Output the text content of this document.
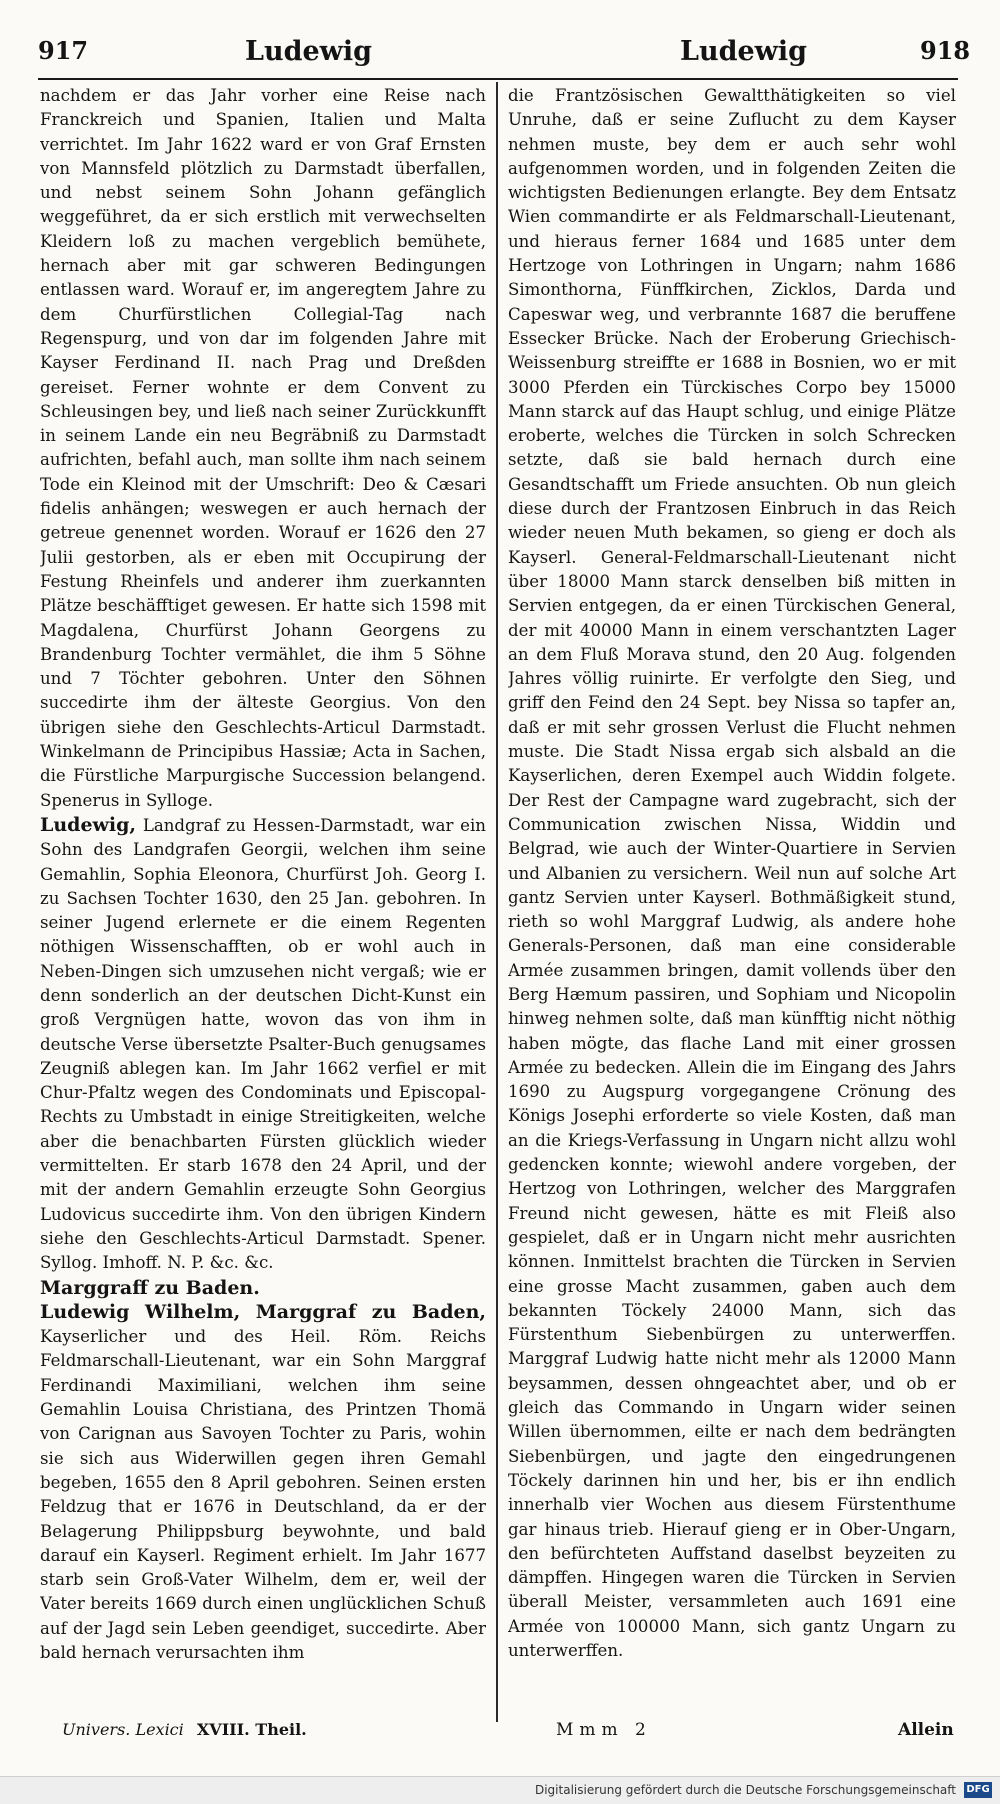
917	Ludewig	Ludewig	918

nachdem er das Jahr vorher eine Reise nach Franckreich und Spanien, Italien und Malta verrichtet. Im Jahr 1622 ward er von Graf Ernsten von Mannsfeld plötzlich zu Darmstadt überfallen, und nebst seinem Sohn Johann gefänglich weggeführet, da er sich erstlich mit verwechselten Kleidern loß zu machen vergeblich bemühete, hernach aber mit gar schweren Bedingungen entlassen ward. Worauf er, im angeregtem Jahre zu dem Churfürstlichen Collegial-Tag nach Regenspurg, und von dar im folgenden Jahre mit Kayser Ferdinand II. nach Prag und Dreßden gereiset. Ferner wohnte er dem Convent zu Schleusingen bey, und ließ nach seiner Zurückkunfft in seinem Lande ein neu Begräbniß zu Darmstadt aufrichten, befahl auch, man sollte ihm nach seinem Tode ein Kleinod mit der Umschrift: Deo & Cæsari fidelis anhängen; weswegen er auch hernach der getreue genennet worden. Worauf er 1626 den 27 Julii gestorben, als er eben mit Occupirung der Festung Rheinfels und anderer ihm zuerkannten Plätze beschäfftiget gewesen. Er hatte sich 1598 mit Magdalena, Churfürst Johann Georgens zu Brandenburg Tochter vermählet, die ihm 5 Söhne und 7 Töchter gebohren. Unter den Söhnen succedirte ihm der älteste Georgius. Von den übrigen siehe den Geschlechts-Articul Darmstadt. Winkelmann de Principibus Hassiæ; Acta in Sachen, die Fürstliche Marpurgische Succession belangend. Spenerus in Sylloge.

Ludewig, Landgraf zu Hessen-Darmstadt, war ein Sohn des Landgrafen Georgii, welchen ihm seine Gemahlin, Sophia Eleonora, Churfürst Joh. Georg I. zu Sachsen Tochter 1630, den 25 Jan. gebohren. In seiner Jugend erlernete er die einem Regenten nöthigen Wissenschafften, ob er wohl auch in Neben-Dingen sich umzusehen nicht vergaß; wie er denn sonderlich an der deutschen Dicht-Kunst ein groß Vergnügen hatte, wovon das von ihm in deutsche Verse übersetzte Psalter-Buch genugsames Zeugniß ablegen kan. Im Jahr 1662 verfiel er mit Chur-Pfaltz wegen des Condominats und Episcopal-Rechts zu Umbstadt in einige Streitigkeiten, welche aber die benachbarten Fürsten glücklich wieder vermittelten. Er starb 1678 den 24 April, und der mit der andern Gemahlin erzeugte Sohn Georgius Ludovicus succedirte ihm. Von den übrigen Kindern siehe den Geschlechts-Articul Darmstadt. Spener. Syllog. Imhoff. N. P. &c. &c.

Marggraff zu Baden.

Ludewig Wilhelm, Marggraf zu Baden, Kayserlicher und des Heil. Röm. Reichs Feldmarschall-Lieutenant, war ein Sohn Marggraf Ferdinandi Maximiliani, welchen ihm seine Gemahlin Louisa Christiana, des Printzen Thomä von Carignan aus Savoyen Tochter zu Paris, wohin sie sich aus Widerwillen gegen ihren Gemahl begeben, 1655 den 8 April gebohren. Seinen ersten Feldzug that er 1676 in Deutschland, da er der Belagerung Philippsburg beywohnte, und bald darauf ein Kayserl. Regiment erhielt. Im Jahr 1677 starb sein Groß-Vater Wilhelm, dem er, weil der Vater bereits 1669 durch einen unglücklichen Schuß auf der Jagd sein Leben geendiget, succedirte. Aber bald hernach verursachten ihm

die Frantzösischen Gewaltthätigkeiten so viel Unruhe, daß er seine Zuflucht zu dem Kayser nehmen muste, bey dem er auch sehr wohl aufgenommen worden, und in folgenden Zeiten die wichtigsten Bedienungen erlangte. Bey dem Entsatz Wien commandirte er als Feldmarschall-Lieutenant, und hieraus ferner 1684 und 1685 unter dem Hertzoge von Lothringen in Ungarn; nahm 1686 Simonthorna, Fünffkirchen, Zicklos, Darda und Capeswar weg, und verbrannte 1687 die beruffene Essecker Brücke. Nach der Eroberung Griechisch-Weissenburg streiffte er 1688 in Bosnien, wo er mit 3000 Pferden ein Türckisches Corpo bey 15000 Mann starck auf das Haupt schlug, und einige Plätze eroberte, welches die Türcken in solch Schrecken setzte, daß sie bald hernach durch eine Gesandtschafft um Friede ansuchten. Ob nun gleich diese durch der Frantzosen Einbruch in das Reich wieder neuen Muth bekamen, so gieng er doch als Kayserl. General-Feldmarschall-Lieutenant nicht über 18000 Mann starck denselben biß mitten in Servien entgegen, da er einen Türckischen General, der mit 40000 Mann in einem verschantzten Lager an dem Fluß Morava stund, den 20 Aug. folgenden Jahres völlig ruinirte. Er verfolgte den Sieg, und griff den Feind den 24 Sept. bey Nissa so tapfer an, daß er mit sehr grossen Verlust die Flucht nehmen muste. Die Stadt Nissa ergab sich alsbald an die Kayserlichen, deren Exempel auch Widdin folgete. Der Rest der Campagne ward zugebracht, sich der Communication zwischen Nissa, Widdin und Belgrad, wie auch der Winter-Quartiere in Servien und Albanien zu versichern. Weil nun auf solche Art gantz Servien unter Kayserl. Bothmäßigkeit stund, rieth so wohl Marggraf Ludwig, als andere hohe Generals-Personen, daß man eine considerable Armée zusammen bringen, damit vollends über den Berg Hæmum passiren, und Sophiam und Nicopolin hinweg nehmen solte, daß man künfftig nicht nöthig haben mögte, das flache Land mit einer grossen Armée zu bedecken. Allein die im Eingang des Jahrs 1690 zu Augspurg vorgegangene Crönung des Königs Josephi erforderte so viele Kosten, daß man an die Kriegs-Verfassung in Ungarn nicht allzu wohl gedencken konnte; wiewohl andere vorgeben, der Hertzog von Lothringen, welcher des Marggrafen Freund nicht gewesen, hätte es mit Fleiß also gespielet, daß er in Ungarn nicht mehr ausrichten können. Inmittelst brachten die Türcken in Servien eine grosse Macht zusammen, gaben auch dem bekannten Töckely 24000 Mann, sich das Fürstenthum Siebenbürgen zu unterwerffen. Marggraf Ludwig hatte nicht mehr als 12000 Mann beysammen, dessen ohngeachtet aber, und ob er gleich das Commando in Ungarn wider seinen Willen übernommen, eilte er nach dem bedrängten Siebenbürgen, und jagte den eingedrungenen Töckely darinnen hin und her, bis er ihn endlich innerhalb vier Wochen aus diesem Fürstenthume gar hinaus trieb. Hierauf gieng er in Ober-Ungarn, den befürchteten Auffstand daselbst beyzeiten zu dämpffen. Hingegen waren die Türcken in Servien überall Meister, versammleten auch 1691 eine Armée von 100000 Mann, sich gantz Ungarn zu unterwerffen.

Univers. Lexici XVIII. Theil.	Mmm 2	Allein
Digitalisierung gefördert durch die Deutsche Forschungsgemeinschaft DFG
